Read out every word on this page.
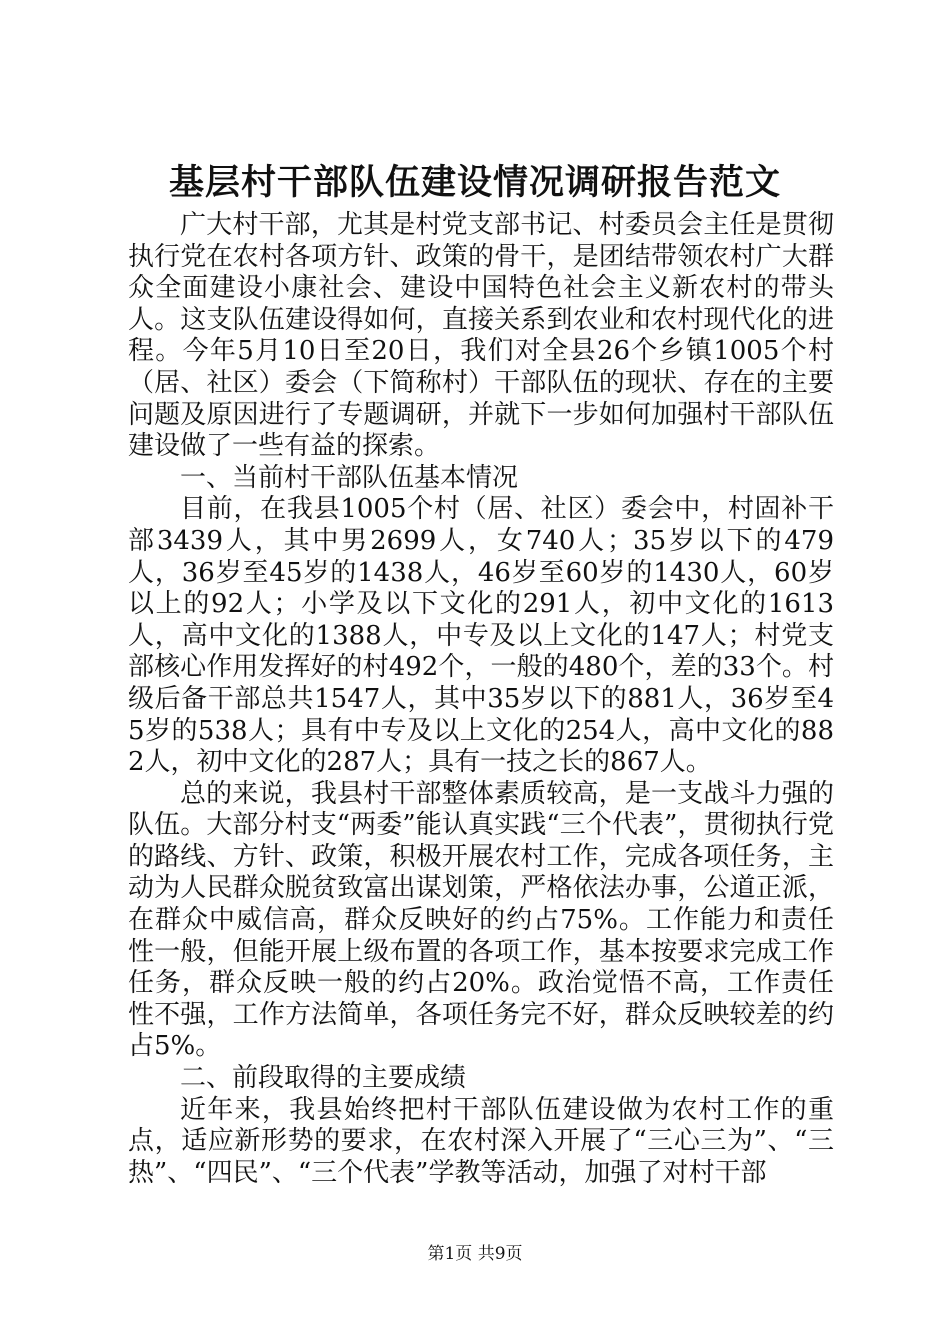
基层村干部队伍建设情况调研报告范文

广大村干部，尤其是村党支部书记、村委员会主任是贯彻执行党在农村各项方针、政策的骨干，是团结带领农村广大群众全面建设小康社会、建设中国特色社会主义新农村的带头人。这支队伍建设得如何，直接关系到农业和农村现代化的进程。今年5月10日至20日，我们对全县26个乡镇1005个村（居、社区）委会（下简称村）干部队伍的现状、存在的主要问题及原因进行了专题调研，并就下一步如何加强村干部队伍建设做了一些有益的探索。

一、当前村干部队伍基本情况

目前，在我县1005个村（居、社区）委会中，村固补干部3439人，其中男2699人，女740人；35岁以下的479人，36岁至45岁的1438人，46岁至60岁的1430人，60岁以上的92人；小学及以下文化的291人，初中文化的1613人，高中文化的1388人，中专及以上文化的147人；村党支部核心作用发挥好的村492个，一般的480个，差的33个。村级后备干部总共1547人，其中35岁以下的881人，36岁至45岁的538人；具有中专及以上文化的254人，高中文化的882人，初中文化的287人；具有一技之长的867人。

总的来说，我县村干部整体素质较高，是一支战斗力强的队伍。大部分村支“两委”能认真实践“三个代表”，贯彻执行党的路线、方针、政策，积极开展农村工作，完成各项任务，主动为人民群众脱贫致富出谋划策，严格依法办事，公道正派，在群众中威信高，群众反映好的约占75%。工作能力和责任性一般，但能开展上级布置的各项工作，基本按要求完成工作任务，群众反映一般的约占20%。政治觉悟不高，工作责任性不强，工作方法简单，各项任务完不好，群众反映较差的约占5%。

二、前段取得的主要成绩

近年来，我县始终把村干部队伍建设做为农村工作的重点，适应新形势的要求，在农村深入开展了“三心三为”、“三热”、“四民”、“三个代表”学教等活动，加强了对村干部

第1页 共9页
